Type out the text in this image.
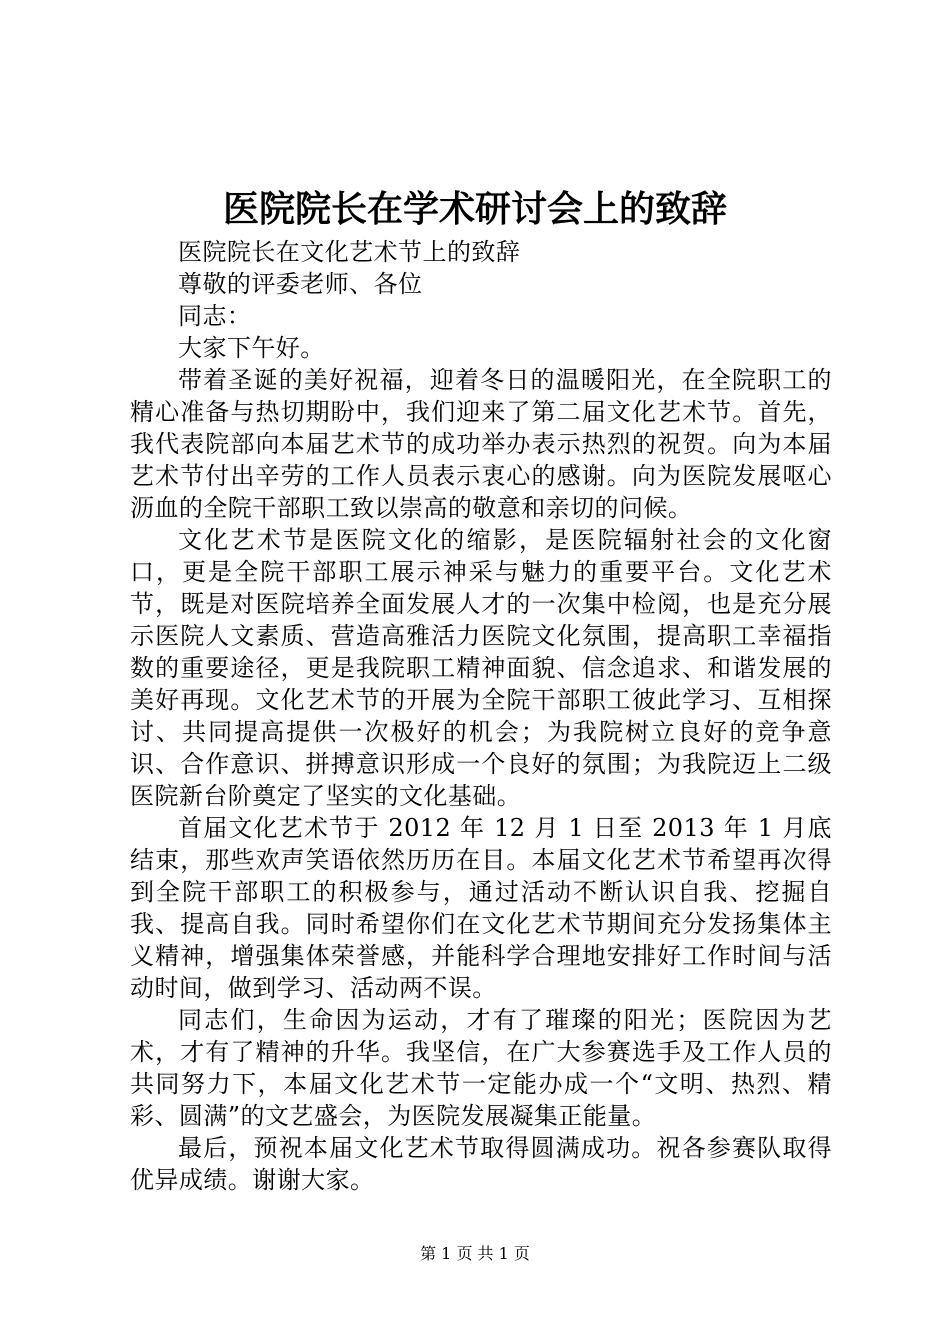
医院院长在学术研讨会上的致辞

医院院长在文化艺术节上的致辞

尊敬的评委老师、各位

同志：

大家下午好。

带着圣诞的美好祝福，迎着冬日的温暖阳光，在全院职工的精心准备与热切期盼中，我们迎来了第二届文化艺术节。首先，我代表院部向本届艺术节的成功举办表示热烈的祝贺。向为本届艺术节付出辛劳的工作人员表示衷心的感谢。向为医院发展呕心沥血的全院干部职工致以崇高的敬意和亲切的问候。

文化艺术节是医院文化的缩影，是医院辐射社会的文化窗口，更是全院干部职工展示神采与魅力的重要平台。文化艺术节，既是对医院培养全面发展人才的一次集中检阅，也是充分展示医院人文素质、营造高雅活力医院文化氛围，提高职工幸福指数的重要途径，更是我院职工精神面貌、信念追求、和谐发展的美好再现。文化艺术节的开展为全院干部职工彼此学习、互相探讨、共同提高提供一次极好的机会；为我院树立良好的竞争意识、合作意识、拼搏意识形成一个良好的氛围；为我院迈上二级医院新台阶奠定了坚实的文化基础。

首届文化艺术节于 2012 年 12 月 1 日至 2013 年 1 月底结束，那些欢声笑语依然历历在目。本届文化艺术节希望再次得到全院干部职工的积极参与，通过活动不断认识自我、挖掘自我、提高自我。同时希望你们在文化艺术节期间充分发扬集体主义精神，增强集体荣誉感，并能科学合理地安排好工作时间与活动时间，做到学习、活动两不误。

同志们，生命因为运动，才有了璀璨的阳光；医院因为艺术，才有了精神的升华。我坚信，在广大参赛选手及工作人员的共同努力下，本届文化艺术节一定能办成一个“文明、热烈、精彩、圆满”的文艺盛会，为医院发展凝集正能量。

最后，预祝本届文化艺术节取得圆满成功。祝各参赛队取得优异成绩。谢谢大家。

第 1 页 共 1 页
